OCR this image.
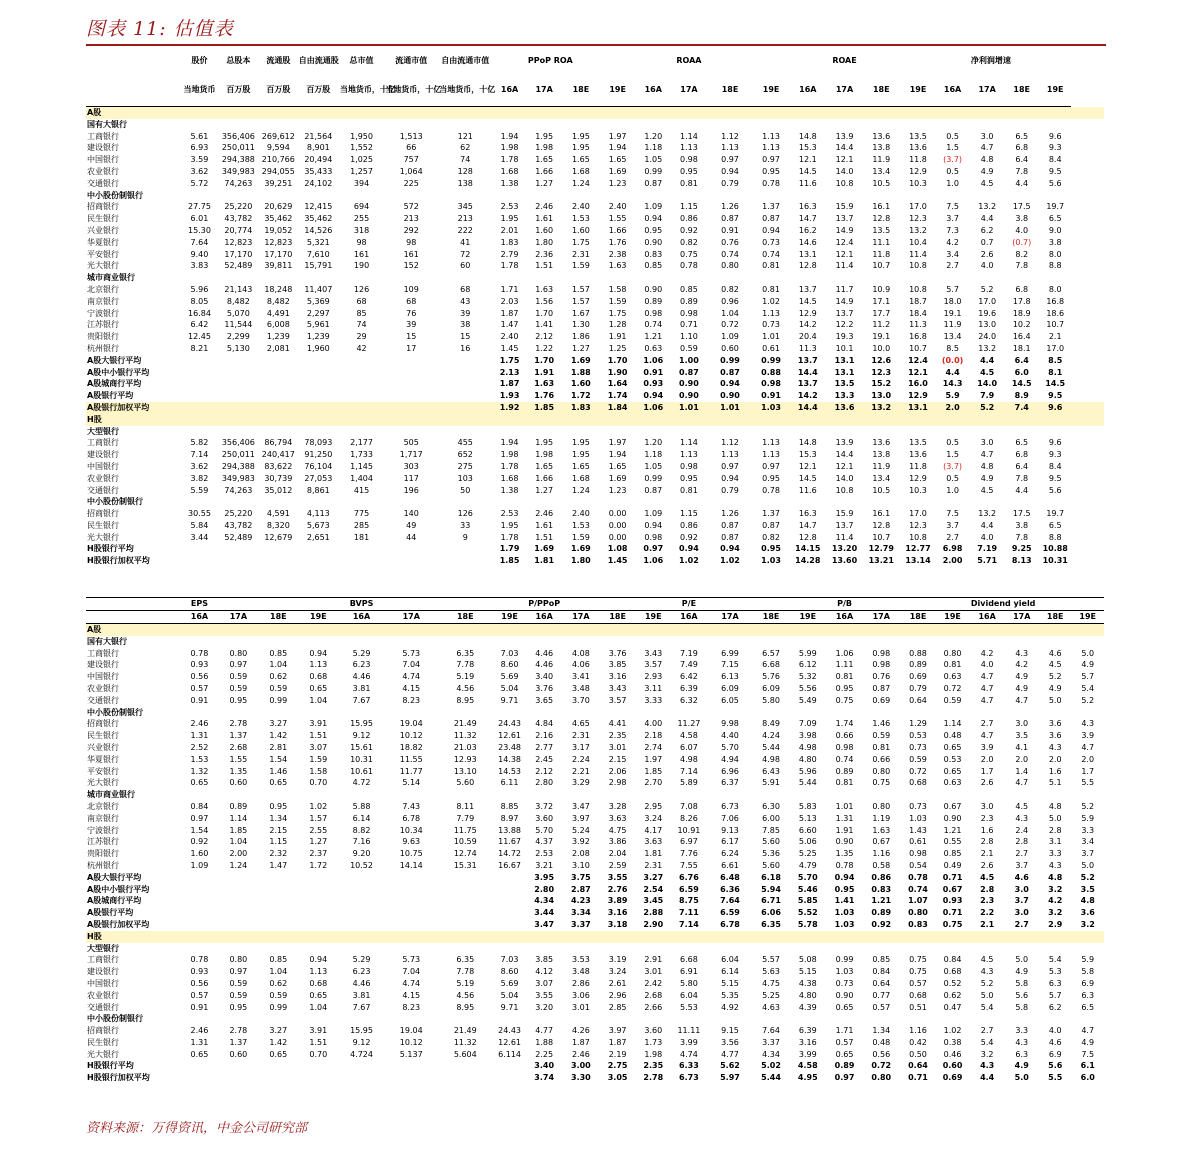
图表 11: 估值表
	股价	总股本	流通股	自由流通股	总市值	流通市值	自由流通市值		PPoP ROA				ROAA				ROAE				净利润增速			
	当地货币	百万股	百万股	百万股	当地货币，十亿	当地货币，十亿	当地货币，十亿	16A	17A	18E	19E	16A	17A	18E	19E	16A	17A	18E	19E	16A	17A	18E	19E	
A股																								
国有大银行																								
工商银行	5.61	356,406	269,612	21,564	1,950	1,513	121	1.94	1.95	1.95	1.97	1.20	1.14	1.12	1.13	14.8	13.9	13.6	13.5	0.5	3.0	6.5	9.6	
建设银行	6.93	250,011	9,594	8,901	1,552	66	62	1.98	1.98	1.95	1.94	1.18	1.13	1.13	1.13	15.3	14.4	13.8	13.6	1.5	4.7	6.8	9.3	
中国银行	3.59	294,388	210,766	20,494	1,025	757	74	1.78	1.65	1.65	1.65	1.05	0.98	0.97	0.97	12.1	12.1	11.9	11.8	(3.7)	4.8	6.4	8.4	
农业银行	3.62	349,983	294,055	35,433	1,257	1,064	128	1.68	1.66	1.68	1.69	0.99	0.95	0.94	0.95	14.5	14.0	13.4	12.9	0.5	4.9	7.8	9.5	
交通银行	5.72	74,263	39,251	24,102	394	225	138	1.38	1.27	1.24	1.23	0.87	0.81	0.79	0.78	11.6	10.8	10.5	10.3	1.0	4.5	4.4	5.6	
中小股份制银行																								
招商银行	27.75	25,220	20,629	12,415	694	572	345	2.53	2.46	2.40	2.40	1.09	1.15	1.26	1.37	16.3	15.9	16.1	17.0	7.5	13.2	17.5	19.7	
民生银行	6.01	43,782	35,462	35,462	255	213	213	1.95	1.61	1.53	1.55	0.94	0.86	0.87	0.87	14.7	13.7	12.8	12.3	3.7	4.4	3.8	6.5	
兴业银行	15.30	20,774	19,052	14,526	318	292	222	2.01	1.60	1.60	1.66	0.95	0.92	0.91	0.94	16.2	14.9	13.5	13.2	7.3	6.2	4.0	9.0	
华夏银行	7.64	12,823	12,823	5,321	98	98	41	1.83	1.80	1.75	1.76	0.90	0.82	0.76	0.73	14.6	12.4	11.1	10.4	4.2	0.7	(0.7)	3.8	
平安银行	9.40	17,170	17,170	7,610	161	161	72	2.79	2.36	2.31	2.38	0.83	0.75	0.74	0.74	13.1	12.1	11.8	11.4	3.4	2.6	8.2	8.0	
光大银行	3.83	52,489	39,811	15,791	190	152	60	1.78	1.51	1.59	1.63	0.85	0.78	0.80	0.81	12.8	11.4	10.7	10.8	2.7	4.0	7.8	8.8	
城市商业银行																								
北京银行	5.96	21,143	18,248	11,407	126	109	68	1.71	1.63	1.57	1.58	0.90	0.85	0.82	0.81	13.7	11.7	10.9	10.8	5.7	5.2	6.8	8.0	
南京银行	8.05	8,482	8,482	5,369	68	68	43	2.03	1.56	1.57	1.59	0.89	0.89	0.96	1.02	14.5	14.9	17.1	18.7	18.0	17.0	17.8	16.8	
宁波银行	16.84	5,070	4,491	2,297	85	76	39	1.87	1.70	1.67	1.75	0.98	0.98	1.04	1.13	12.9	13.7	17.7	18.4	19.1	19.6	18.9	18.6	
江苏银行	6.42	11,544	6,008	5,961	74	39	38	1.47	1.41	1.30	1.28	0.74	0.71	0.72	0.73	14.2	12.2	11.2	11.3	11.9	13.0	10.2	10.7	
贵阳银行	12.45	2,299	1,239	1,239	29	15	15	2.40	2.12	1.86	1.91	1.21	1.10	1.09	1.01	20.4	19.3	19.1	16.8	13.4	24.0	16.4	2.1	
杭州银行	8.21	5,130	2,081	1,960	42	17	16	1.45	1.22	1.27	1.25	0.63	0.59	0.60	0.61	11.3	10.1	10.0	10.7	8.5	13.2	18.1	17.0	
A股大银行平均								1.75	1.70	1.69	1.70	1.06	1.00	0.99	0.99	13.7	13.1	12.6	12.4	(0.0)	4.4	6.4	8.5	
A股中小银行平均								2.13	1.91	1.88	1.90	0.91	0.87	0.87	0.88	14.4	13.1	12.3	12.1	4.4	4.5	6.0	8.1	
A股城商行平均								1.87	1.63	1.60	1.64	0.93	0.90	0.94	0.98	13.7	13.5	15.2	16.0	14.3	14.0	14.5	14.5	
A股银行平均								1.93	1.76	1.72	1.74	0.94	0.90	0.90	0.91	14.2	13.3	13.0	12.9	5.9	7.9	8.9	9.5	
A股银行加权平均								1.92	1.85	1.83	1.84	1.06	1.01	1.01	1.03	14.4	13.6	13.2	13.1	2.0	5.2	7.4	9.6	
H股																								
大型银行																								
工商银行	5.82	356,406	86,794	78,093	2,177	505	455	1.94	1.95	1.95	1.97	1.20	1.14	1.12	1.13	14.8	13.9	13.6	13.5	0.5	3.0	6.5	9.6	
建设银行	7.14	250,011	240,417	91,250	1,733	1,717	652	1.98	1.98	1.95	1.94	1.18	1.13	1.13	1.13	15.3	14.4	13.8	13.6	1.5	4.7	6.8	9.3	
中国银行	3.62	294,388	83,622	76,104	1,145	303	275	1.78	1.65	1.65	1.65	1.05	0.98	0.97	0.97	12.1	12.1	11.9	11.8	(3.7)	4.8	6.4	8.4	
农业银行	3.82	349,983	30,739	27,053	1,404	117	103	1.68	1.66	1.68	1.69	0.99	0.95	0.94	0.95	14.5	14.0	13.4	12.9	0.5	4.9	7.8	9.5	
交通银行	5.59	74,263	35,012	8,861	415	196	50	1.38	1.27	1.24	1.23	0.87	0.81	0.79	0.78	11.6	10.8	10.5	10.3	1.0	4.5	4.4	5.6	
中小股份制银行																								
招商银行	30.55	25,220	4,591	4,113	775	140	126	2.53	2.46	2.40	0.00	1.09	1.15	1.26	1.37	16.3	15.9	16.1	17.0	7.5	13.2	17.5	19.7	
民生银行	5.84	43,782	8,320	5,673	285	49	33	1.95	1.61	1.53	0.00	0.94	0.86	0.87	0.87	14.7	13.7	12.8	12.3	3.7	4.4	3.8	6.5	
光大银行	3.44	52,489	12,679	2,651	181	44	9	1.78	1.51	1.59	0.00	0.98	0.92	0.87	0.82	12.8	11.4	10.7	10.8	2.7	4.0	7.8	8.8	
H股银行平均								1.79	1.69	1.69	1.08	0.97	0.94	0.94	0.95	14.15	13.20	12.79	12.77	6.98	7.19	9.25	10.88	
H股银行加权平均								1.85	1.81	1.80	1.45	1.06	1.02	1.02	1.03	14.28	13.60	13.21	13.14	2.00	5.71	8.13	10.31	
	EPS				BVPS				P/PPoP				P/E				P/B				Dividend yield			
	16A	17A	18E	19E	16A	17A	18E	19E	16A	17A	18E	19E	16A	17A	18E	19E	16A	17A	18E	19E	16A	17A	18E	19E
A股																								
国有大银行																								
工商银行	0.78	0.80	0.85	0.94	5.29	5.73	6.35	7.03	4.46	4.08	3.76	3.43	7.19	6.99	6.57	5.99	1.06	0.98	0.88	0.80	4.2	4.3	4.6	5.0
建设银行	0.93	0.97	1.04	1.13	6.23	7.04	7.78	8.60	4.46	4.06	3.85	3.57	7.49	7.15	6.68	6.12	1.11	0.98	0.89	0.81	4.0	4.2	4.5	4.9
中国银行	0.56	0.59	0.62	0.68	4.46	4.74	5.19	5.69	3.40	3.41	3.16	2.93	6.42	6.13	5.76	5.32	0.81	0.76	0.69	0.63	4.7	4.9	5.2	5.7
农业银行	0.57	0.59	0.59	0.65	3.81	4.15	4.56	5.04	3.76	3.48	3.43	3.11	6.39	6.09	6.09	5.56	0.95	0.87	0.79	0.72	4.7	4.9	4.9	5.4
交通银行	0.91	0.95	0.99	1.04	7.67	8.23	8.95	9.71	3.65	3.70	3.57	3.33	6.32	6.05	5.80	5.49	0.75	0.69	0.64	0.59	4.7	4.7	5.0	5.2
中小股份制银行																								
招商银行	2.46	2.78	3.27	3.91	15.95	19.04	21.49	24.43	4.84	4.65	4.41	4.00	11.27	9.98	8.49	7.09	1.74	1.46	1.29	1.14	2.7	3.0	3.6	4.3
民生银行	1.31	1.37	1.42	1.51	9.12	10.12	11.32	12.61	2.16	2.31	2.35	2.18	4.58	4.40	4.24	3.98	0.66	0.59	0.53	0.48	4.7	3.5	3.6	3.9
兴业银行	2.52	2.68	2.81	3.07	15.61	18.82	21.03	23.48	2.77	3.17	3.01	2.74	6.07	5.70	5.44	4.98	0.98	0.81	0.73	0.65	3.9	4.1	4.3	4.7
华夏银行	1.53	1.55	1.54	1.59	10.31	11.55	12.93	14.38	2.45	2.24	2.15	1.97	4.98	4.94	4.98	4.80	0.74	0.66	0.59	0.53	2.0	2.0	2.0	2.0
平安银行	1.32	1.35	1.46	1.58	10.61	11.77	13.10	14.53	2.12	2.21	2.06	1.85	7.14	6.96	6.43	5.96	0.89	0.80	0.72	0.65	1.7	1.4	1.6	1.7
光大银行	0.65	0.60	0.65	0.70	4.72	5.14	5.60	6.11	2.80	3.29	2.98	2.70	5.89	6.37	5.91	5.44	0.81	0.75	0.68	0.63	2.6	4.7	5.1	5.5
城市商业银行																								
北京银行	0.84	0.89	0.95	1.02	5.88	7.43	8.11	8.85	3.72	3.47	3.28	2.95	7.08	6.73	6.30	5.83	1.01	0.80	0.73	0.67	3.0	4.5	4.8	5.2
南京银行	0.97	1.14	1.34	1.57	6.14	6.78	7.79	8.97	3.60	3.97	3.63	3.24	8.26	7.06	6.00	5.13	1.31	1.19	1.03	0.90	2.3	4.3	5.0	5.9
宁波银行	1.54	1.85	2.15	2.55	8.82	10.34	11.75	13.88	5.70	5.24	4.75	4.17	10.91	9.13	7.85	6.60	1.91	1.63	1.43	1.21	1.6	2.4	2.8	3.3
江苏银行	0.92	1.04	1.15	1.27	7.16	9.63	10.59	11.67	4.37	3.92	3.86	3.63	6.97	6.17	5.60	5.06	0.90	0.67	0.61	0.55	2.8	2.8	3.1	3.4
贵阳银行	1.60	2.00	2.32	2.37	9.20	10.75	12.74	14.72	2.53	2.08	2.04	1.81	7.76	6.24	5.36	5.25	1.35	1.16	0.98	0.85	2.1	2.7	3.3	3.7
杭州银行	1.09	1.24	1.47	1.72	10.52	14.14	15.31	16.67	3.21	3.10	2.59	2.31	7.55	6.61	5.60	4.79	0.78	0.58	0.54	0.49	2.6	3.7	4.3	5.0
A股大银行平均									3.95	3.75	3.55	3.27	6.76	6.48	6.18	5.70	0.94	0.86	0.78	0.71	4.5	4.6	4.8	5.2
A股中小银行平均									2.80	2.87	2.76	2.54	6.59	6.36	5.94	5.46	0.95	0.83	0.74	0.67	2.8	3.0	3.2	3.5
A股城商行平均									4.34	4.23	3.89	3.45	8.75	7.64	6.71	5.85	1.41	1.21	1.07	0.93	2.3	3.7	4.2	4.8
A股银行平均									3.44	3.34	3.16	2.88	7.11	6.59	6.06	5.52	1.03	0.89	0.80	0.71	2.2	3.0	3.2	3.6
A股银行加权平均									3.47	3.37	3.18	2.90	7.14	6.78	6.35	5.78	1.03	0.92	0.83	0.75	2.1	2.7	2.9	3.2
H股																								
大型银行																								
工商银行	0.78	0.80	0.85	0.94	5.29	5.73	6.35	7.03	3.85	3.53	3.19	2.91	6.68	6.04	5.57	5.08	0.99	0.85	0.75	0.84	4.5	5.0	5.4	5.9
建设银行	0.93	0.97	1.04	1.13	6.23	7.04	7.78	8.60	4.12	3.48	3.24	3.01	6.91	6.14	5.63	5.15	1.03	0.84	0.75	0.68	4.3	4.9	5.3	5.8
中国银行	0.56	0.59	0.62	0.68	4.46	4.74	5.19	5.69	3.07	2.86	2.61	2.42	5.80	5.15	4.75	4.38	0.73	0.64	0.57	0.52	5.2	5.8	6.3	6.9
农业银行	0.57	0.59	0.59	0.65	3.81	4.15	4.56	5.04	3.55	3.06	2.96	2.68	6.04	5.35	5.25	4.80	0.90	0.77	0.68	0.62	5.0	5.6	5.7	6.3
交通银行	0.91	0.95	0.99	1.04	7.67	8.23	8.95	9.71	3.20	3.01	2.85	2.66	5.53	4.92	4.63	4.39	0.65	0.57	0.51	0.47	5.4	5.8	6.2	6.5
中小股份制银行																								
招商银行	2.46	2.78	3.27	3.91	15.95	19.04	21.49	24.43	4.77	4.26	3.97	3.60	11.11	9.15	7.64	6.39	1.71	1.34	1.16	1.02	2.7	3.3	4.0	4.7
民生银行	1.31	1.37	1.42	1.51	9.12	10.12	11.32	12.61	1.88	1.87	1.87	1.73	3.99	3.56	3.37	3.16	0.57	0.48	0.42	0.38	5.4	4.3	4.6	4.9
光大银行	0.65	0.60	0.65	0.70	4.724	5.137	5.604	6.114	2.25	2.46	2.19	1.98	4.74	4.77	4.34	3.99	0.65	0.56	0.50	0.46	3.2	6.3	6.9	7.5
H股银行平均									3.40	3.00	2.75	2.35	6.33	5.62	5.02	4.58	0.89	0.72	0.64	0.60	4.3	4.9	5.6	6.1
H股银行加权平均									3.74	3.30	3.05	2.78	6.73	5.97	5.44	4.95	0.97	0.80	0.71	0.69	4.4	5.0	5.5	6.0
资料来源：万得资讯，中金公司研究部
